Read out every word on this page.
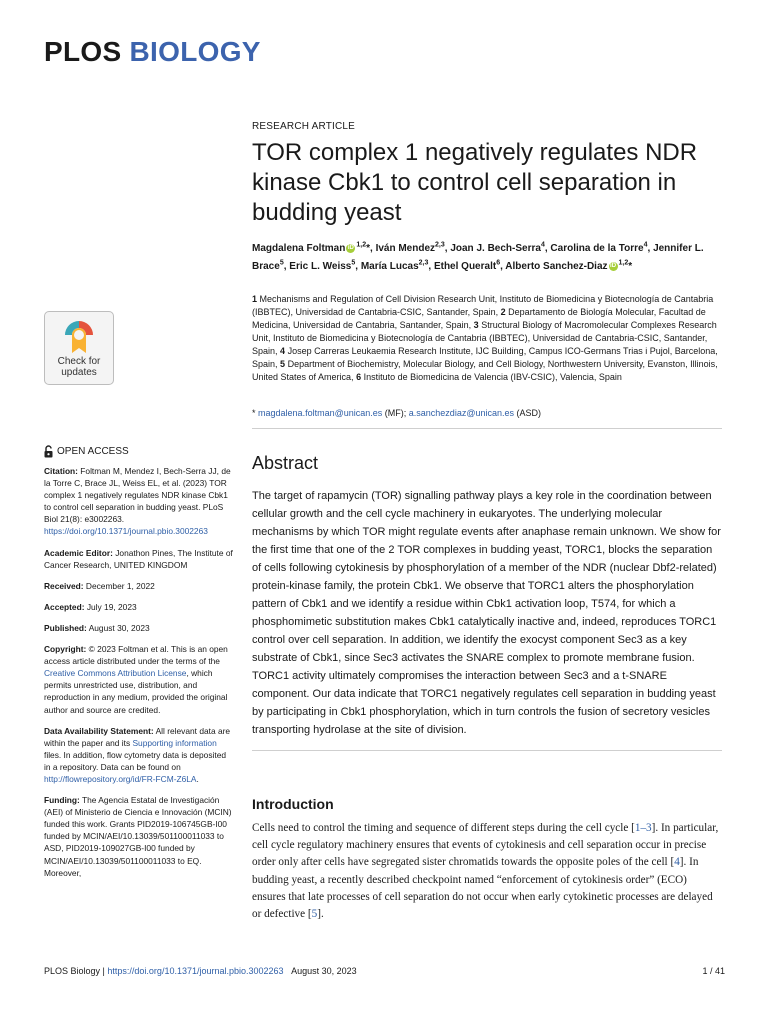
PLOS BIOLOGY
Check for
updates
OPEN ACCESS

Citation: Foltman M, Mendez I, Bech-Serra JJ, de la Torre C, Brace JL, Weiss EL, et al. (2023) TOR complex 1 negatively regulates NDR kinase Cbk1 to control cell separation in budding yeast. PLoS Biol 21(8): e3002263. https://doi.org/10.1371/journal.pbio.3002263

Academic Editor: Jonathon Pines, The Institute of Cancer Research, UNITED KINGDOM

Received: December 1, 2022

Accepted: July 19, 2023

Published: August 30, 2023

Copyright: © 2023 Foltman et al. This is an open access article distributed under the terms of the Creative Commons Attribution License, which permits unrestricted use, distribution, and reproduction in any medium, provided the original author and source are credited.

Data Availability Statement: All relevant data are within the paper and its Supporting information files. In addition, flow cytometry data is deposited in a repository. Data can be found on http://flowrepository.org/id/FR-FCM-Z6LA.

Funding: The Agencia Estatal de Investigación (AEI) of Ministerio de Ciencia e Innovación (MCIN) funded this work. Grants PID2019-106745GB-I00 funded by MCIN/AEI/10.13039/501100011033 to ASD, PID2019-109027GB-I00 funded by MCIN/AEI/10.13039/501100011033 to EQ. Moreover,

RESEARCH ARTICLE
TOR complex 1 negatively regulates NDR kinase Cbk1 to control cell separation in budding yeast
Magdalena Foltman iD $^{1,2}$*, Iván Mendez$^{2,3}$, Joan J. Bech-Serra$^4$, Carolina de la Torre$^4$, Jennifer L. Brace$^5$, Eric L. Weiss$^5$, María Lucas$^{2,3}$, Ethel Queralt$^6$, Alberto Sanchez-Diaz iD $^{1,2}$*
1 Mechanisms and Regulation of Cell Division Research Unit, Instituto de Biomedicina y Biotecnología de Cantabria (IBBTEC), Universidad de Cantabria-CSIC, Santander, Spain, 2 Departamento de Biología Molecular, Facultad de Medicina, Universidad de Cantabria, Santander, Spain, 3 Structural Biology of Macromolecular Complexes Research Unit, Instituto de Biomedicina y Biotecnología de Cantabria (IBBTEC), Universidad de Cantabria-CSIC, Santander, Spain, 4 Josep Carreras Leukaemia Research Institute, IJC Building, Campus ICO-Germans Trias i Pujol, Barcelona, Spain, 5 Department of Biochemistry, Molecular Biology, and Cell Biology, Northwestern University, Evanston, Illinois, United States of America, 6 Instituto de Biomedicina de Valencia (IBV-CSIC), Valencia, Spain
* magdalena.foltman@unican.es (MF); a.sanchezdiaz@unican.es (ASD)
Abstract
The target of rapamycin (TOR) signalling pathway plays a key role in the coordination between cellular growth and the cell cycle machinery in eukaryotes. The underlying molecular mechanisms by which TOR might regulate events after anaphase remain unknown. We show for the first time that one of the 2 TOR complexes in budding yeast, TORC1, blocks the separation of cells following cytokinesis by phosphorylation of a member of the NDR (nuclear Dbf2-related) protein-kinase family, the protein Cbk1. We observe that TORC1 alters the phosphorylation pattern of Cbk1 and we identify a residue within Cbk1 activation loop, T574, for which a phosphomimetic substitution makes Cbk1 catalytically inactive and, indeed, reproduces TORC1 control over cell separation. In addition, we identify the exocyst component Sec3 as a key substrate of Cbk1, since Sec3 activates the SNARE complex to promote membrane fusion. TORC1 activity ultimately compromises the interaction between Sec3 and a t-SNARE component. Our data indicate that TORC1 negatively regulates cell separation in budding yeast by participating in Cbk1 phosphorylation, which in turn controls the fusion of secretory vesicles transporting hydrolase at the site of division.
Introduction
Cells need to control the timing and sequence of different steps during the cell cycle [1–3]. In particular, cell cycle regulatory machinery ensures that events of cytokinesis and cell separation occur in precise order only after cells have segregated sister chromatids towards the opposite poles of the cell [4]. In budding yeast, a recently described checkpoint named “enforcement of cytokinesis order” (ECO) ensures that late processes of cell separation do not occur when early cytokinetic processes are delayed or defective [5].
PLOS Biology | https://doi.org/10.1371/journal.pbio.3002263 August 30, 2023	1 / 41
